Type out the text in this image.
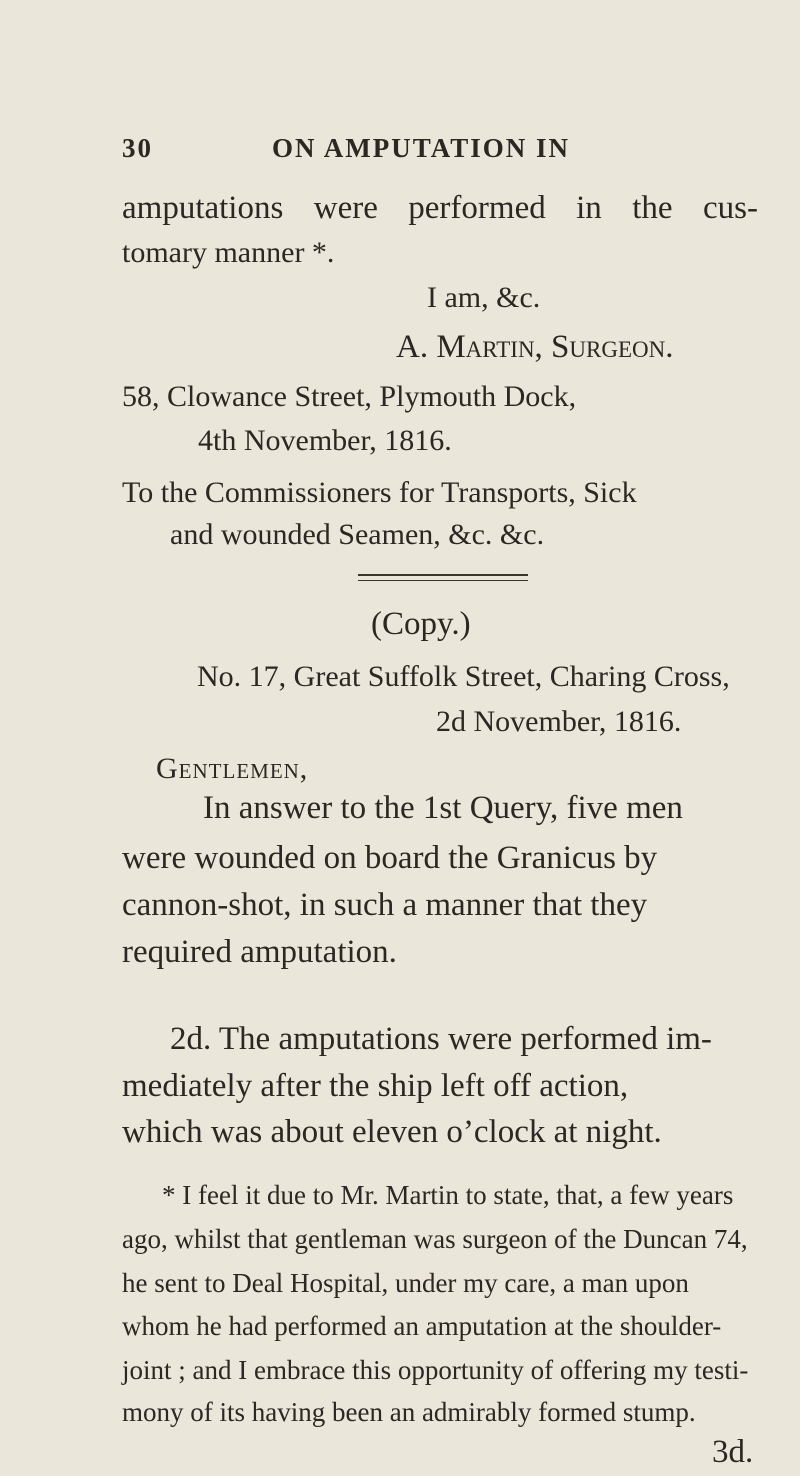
30	ON AMPUTATION IN
amputations were performed in the cus-
tomary manner *.
I am, &c.
A. Martin, Surgeon.
58, Clowance Street, Plymouth Dock,
4th November, 1816.
To the Commissioners for Transports, Sick
and wounded Seamen, &c. &c.
(Copy.)
No. 17, Great Suffolk Street, Charing Cross,
2d November, 1816.
Gentlemen,
In answer to the 1st Query, five men
were wounded on board the Granicus by
cannon-shot, in such a manner that they
required amputation.
2d. The amputations were performed im-
mediately after the ship left off action,
which was about eleven o’clock at night.
* I feel it due to Mr. Martin to state, that, a few years
ago, whilst that gentleman was surgeon of the Duncan 74,
he sent to Deal Hospital, under my care, a man upon
whom he had performed an amputation at the shoulder-
joint ; and I embrace this opportunity of offering my testi-
mony of its having been an admirably formed stump.
3d.
